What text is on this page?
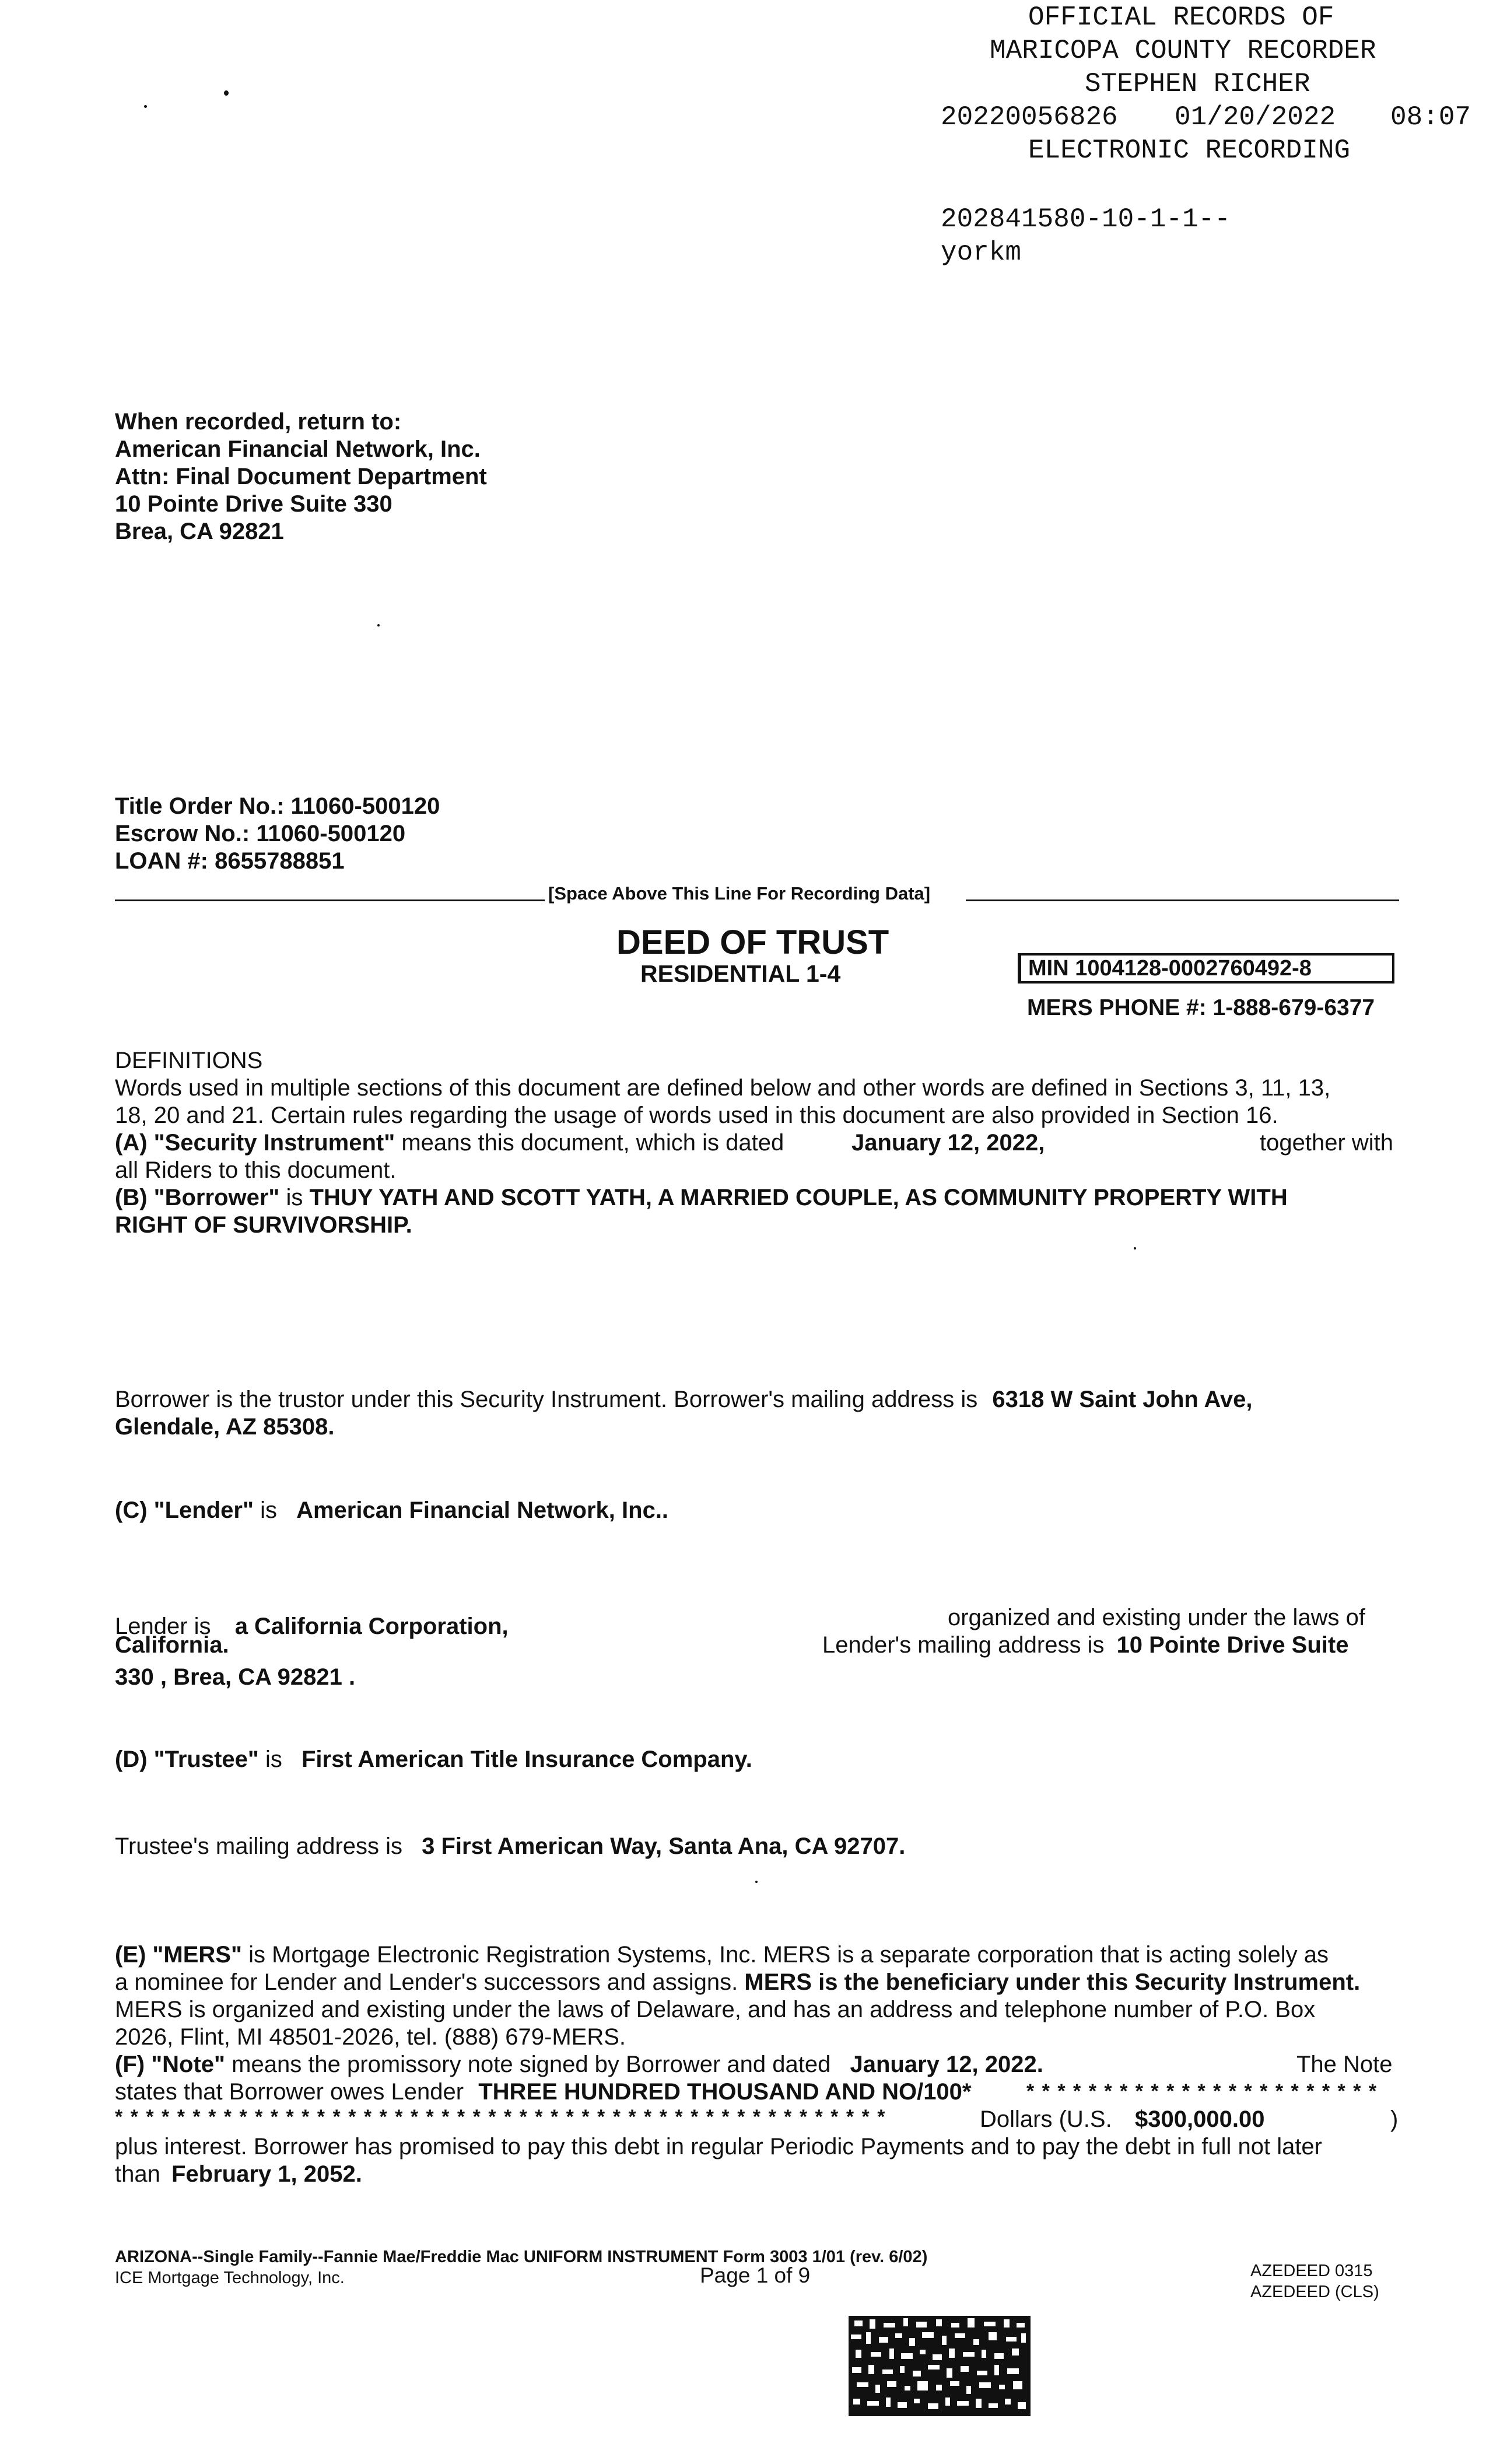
OFFICIAL RECORDS OF
MARICOPA COUNTY RECORDER
STEPHEN RICHER
20220056826 01/20/2022 08:07
ELECTRONIC RECORDING
202841580-10-1-1--
yorkm
When recorded, return to:
American Financial Network, Inc.
Attn: Final Document Department
10 Pointe Drive Suite 330
Brea, CA 92821
Title Order No.: 11060-500120
Escrow No.: 11060-500120
LOAN #: 8655788851
[Space Above This Line For Recording Data]
DEED OF TRUST
RESIDENTIAL 1-4	MIN 1004128-0002760492-8
MERS PHONE #: 1-888-679-6377
DEFINITIONS
Words used in multiple sections of this document are defined below and other words are defined in Sections 3, 11, 13,
18, 20 and 21. Certain rules regarding the usage of words used in this document are also provided in Section 16.
(A) "Security Instrument" means this document, which is dated	January 12, 2022,	together with
all Riders to this document.
(B) "Borrower" is THUY YATH AND SCOTT YATH, A MARRIED COUPLE, AS COMMUNITY PROPERTY WITH
RIGHT OF SURVIVORSHIP.
Borrower is the trustor under this Security Instrument. Borrower's mailing address is 6318 W Saint John Ave,
Glendale, AZ 85308.
(C) "Lender" is American Financial Network, Inc..
Lender is a California Corporation,	organized and existing under the laws of
California.	Lender's mailing address is 10 Pointe Drive Suite
330 , Brea, CA 92821 .
(D) "Trustee" is First American Title Insurance Company.
Trustee's mailing address is 3 First American Way, Santa Ana, CA 92707.
(E) "MERS" is Mortgage Electronic Registration Systems, Inc. MERS is a separate corporation that is acting solely as
a nominee for Lender and Lender's successors and assigns. MERS is the beneficiary under this Security Instrument.
MERS is organized and existing under the laws of Delaware, and has an address and telephone number of P.O. Box
2026, Flint, MI 48501-2026, tel. (888) 679-MERS.
(F) "Note" means the promissory note signed by Borrower and dated January 12, 2022.	The Note
states that Borrower owes Lender THREE HUNDRED THOUSAND AND NO/100*	* * * * * * * * * * * * * * * * * * * * * * *
* * * * * * * * * * * * * * * * * * * * * * * * * * * * * * * * * * * * * * * * * * * * * * * * * *	Dollars (U.S. $300,000.00	)
plus interest. Borrower has promised to pay this debt in regular Periodic Payments and to pay the debt in full not later
than February 1, 2052.
ARIZONA--Single Family--Fannie Mae/Freddie Mac UNIFORM INSTRUMENT Form 3003 1/01 (rev. 6/02)
ICE Mortgage Technology, Inc.	Page 1 of 9	AZEDEED 0315
AZEDEED (CLS)
